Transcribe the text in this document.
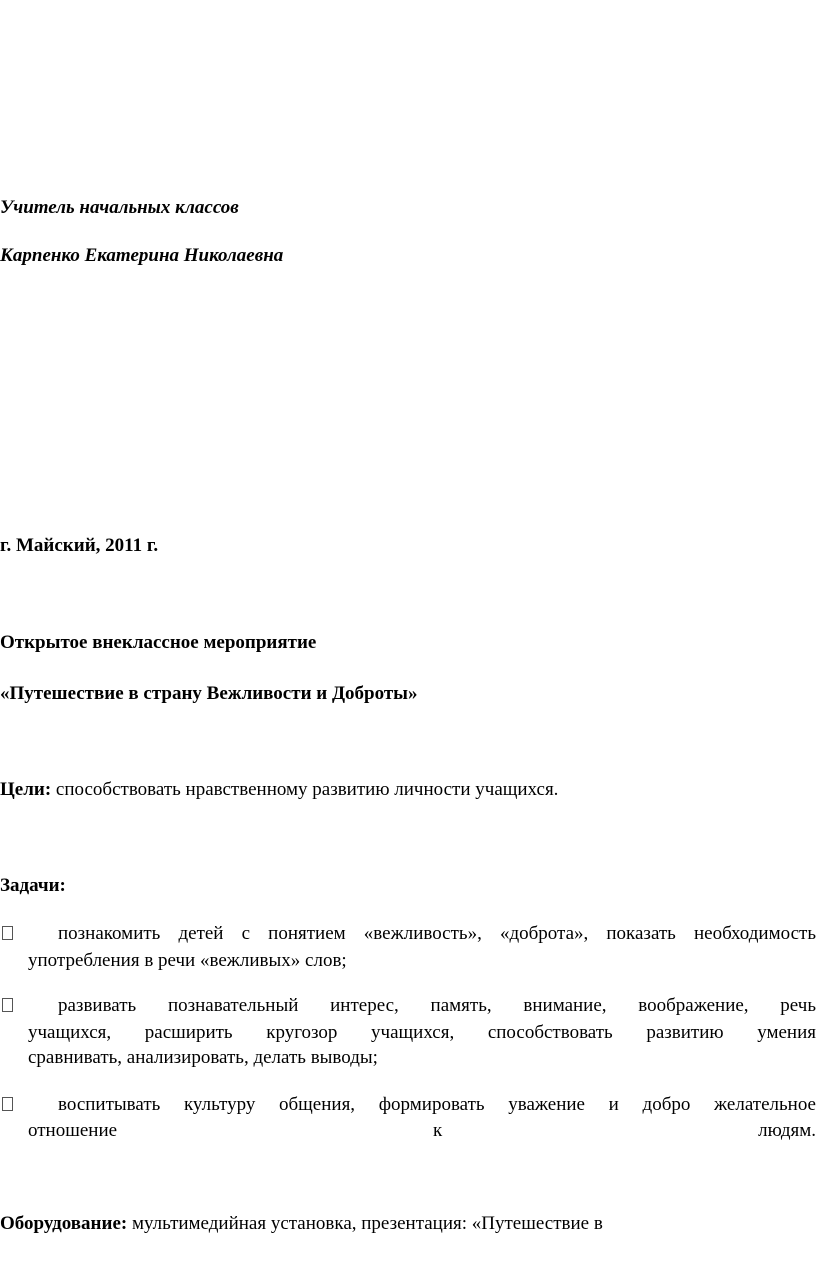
Учитель начальных классов
Карпенко Екатерина Николаевна
г. Майский, 2011 г.
Открытое внеклассное мероприятие
«Путешествие в страну Вежливости и Доброты»
Цели: способствовать нравственному развитию личности учащихся.
Задачи:
познакомить детей с понятием «вежливость», «доброта», показать необходимость
употребления в речи «вежливых» слов;
развивать познавательный интерес, память, внимание, воображение, речь
учащихся, расширить кругозор учащихся, способствовать развитию умения
сравнивать, анализировать, делать выводы;
воспитывать культуру общения, формировать уважение и добро желательное
отношение	к	людям.
Оборудование: мультимедийная установка, презентация: «Путешествие в
